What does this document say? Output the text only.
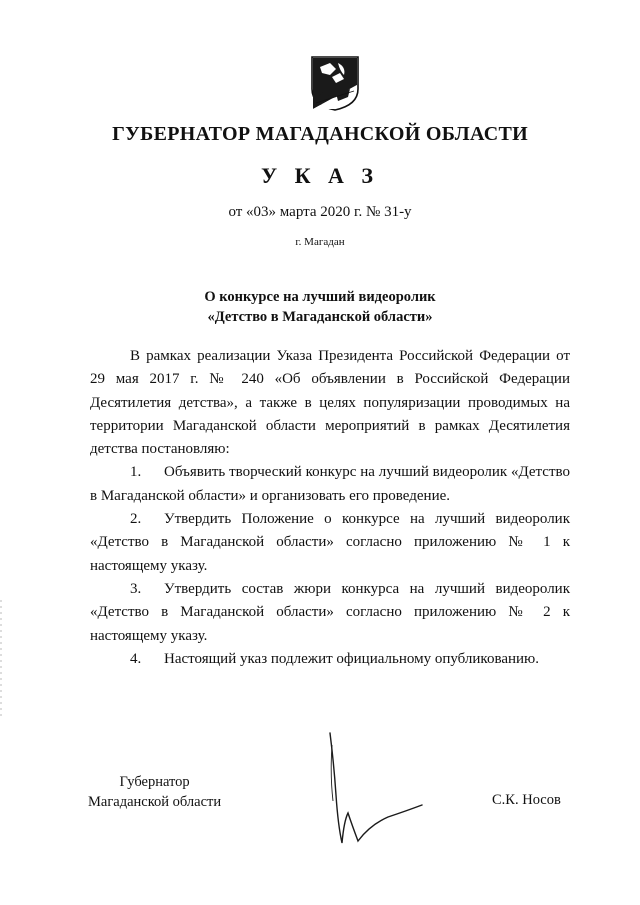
ГУБЕРНАТОР МАГАДАНСКОЙ ОБЛАСТИ
У К А З
от «03» марта 2020 г. № 31-у
г. Магадан
О конкурсе на лучший видеоролик
«Детство в Магаданской области»

В рамках реализации Указа Президента Российской Федерации от 29 мая 2017 г. № 240 «Об объявлении в Российской Федерации Десятилетия детства», а также в целях популяризации проводимых на территории Магаданской области мероприятий в рамках Десятилетия детства постановляю:

1. Объявить творческий конкурс на лучший видеоролик «Детство в Магаданской области» и организовать его проведение.

2. Утвердить Положение о конкурсе на лучший видеоролик «Детство в Магаданской области» согласно приложению № 1 к настоящему указу.

3. Утвердить состав жюри конкурса на лучший видеоролик «Детство в Магаданской области» согласно приложению № 2 к настоящему указу.

4. Настоящий указ подлежит официальному опубликованию.

Губернатор
Магаданской области	С.К. Носов
